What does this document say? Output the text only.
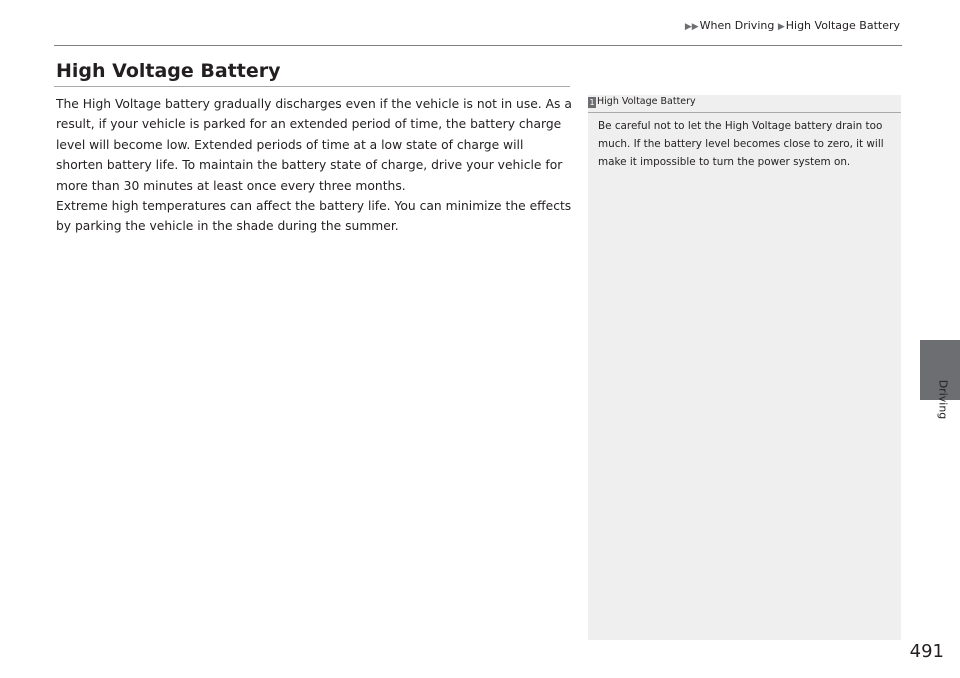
▶▶When Driving ▶High Voltage Battery
High Voltage Battery

The High Voltage battery gradually discharges even if the vehicle is not in use. As a result, if your vehicle is parked for an extended period of time, the battery charge level will become low. Extended periods of time at a low state of charge will shorten battery life. To maintain the battery state of charge, drive your vehicle for more than 30 minutes at least once every three months.

Extreme high temperatures can affect the battery life. You can minimize the effects by parking the vehicle in the shade during the summer.

1 High Voltage Battery
Be careful not to let the High Voltage battery drain too much. If the battery level becomes close to zero, it will make it impossible to turn the power system on.
Driving
491
